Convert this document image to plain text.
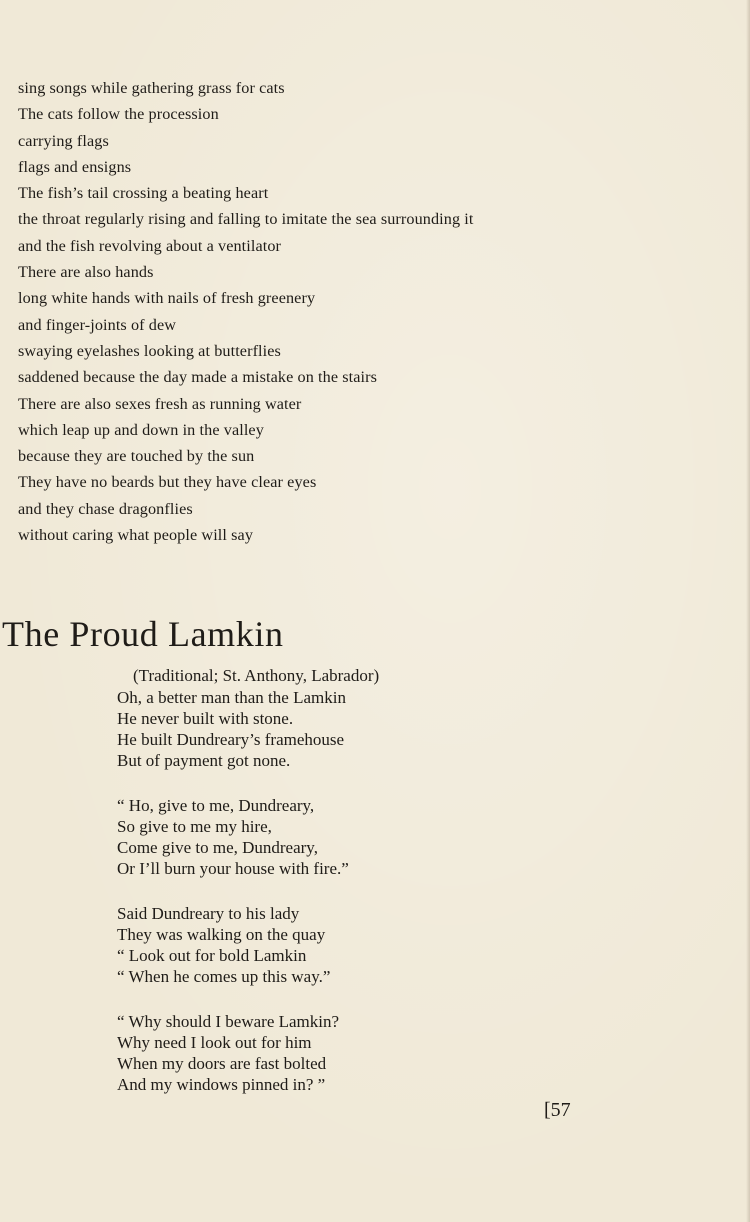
sing songs while gathering grass for cats
The cats follow the procession
carrying flags
flags and ensigns
The fish’s tail crossing a beating heart
the throat regularly rising and falling to imitate the sea surrounding it
and the fish revolving about a ventilator
There are also hands
long white hands with nails of fresh greenery
and finger-joints of dew
swaying eyelashes looking at butterflies
saddened because the day made a mistake on the stairs
There are also sexes fresh as running water
which leap up and down in the valley
because they are touched by the sun
They have no beards but they have clear eyes
and they chase dragonflies
without caring what people will say
The Proud Lamkin

(Traditional; St. Anthony, Labrador)

Oh, a better man than the Lamkin
He never built with stone.
He built Dundreary’s framehouse
But of payment got none.
“ Ho, give to me, Dundreary,
So give to me my hire,
Come give to me, Dundreary,
Or I’ll burn your house with fire.”
Said Dundreary to his lady
They was walking on the quay
“ Look out for bold Lamkin
“ When he comes up this way.”
“ Why should I beware Lamkin?
Why need I look out for him
When my doors are fast bolted
And my windows pinned in? ”
[57
